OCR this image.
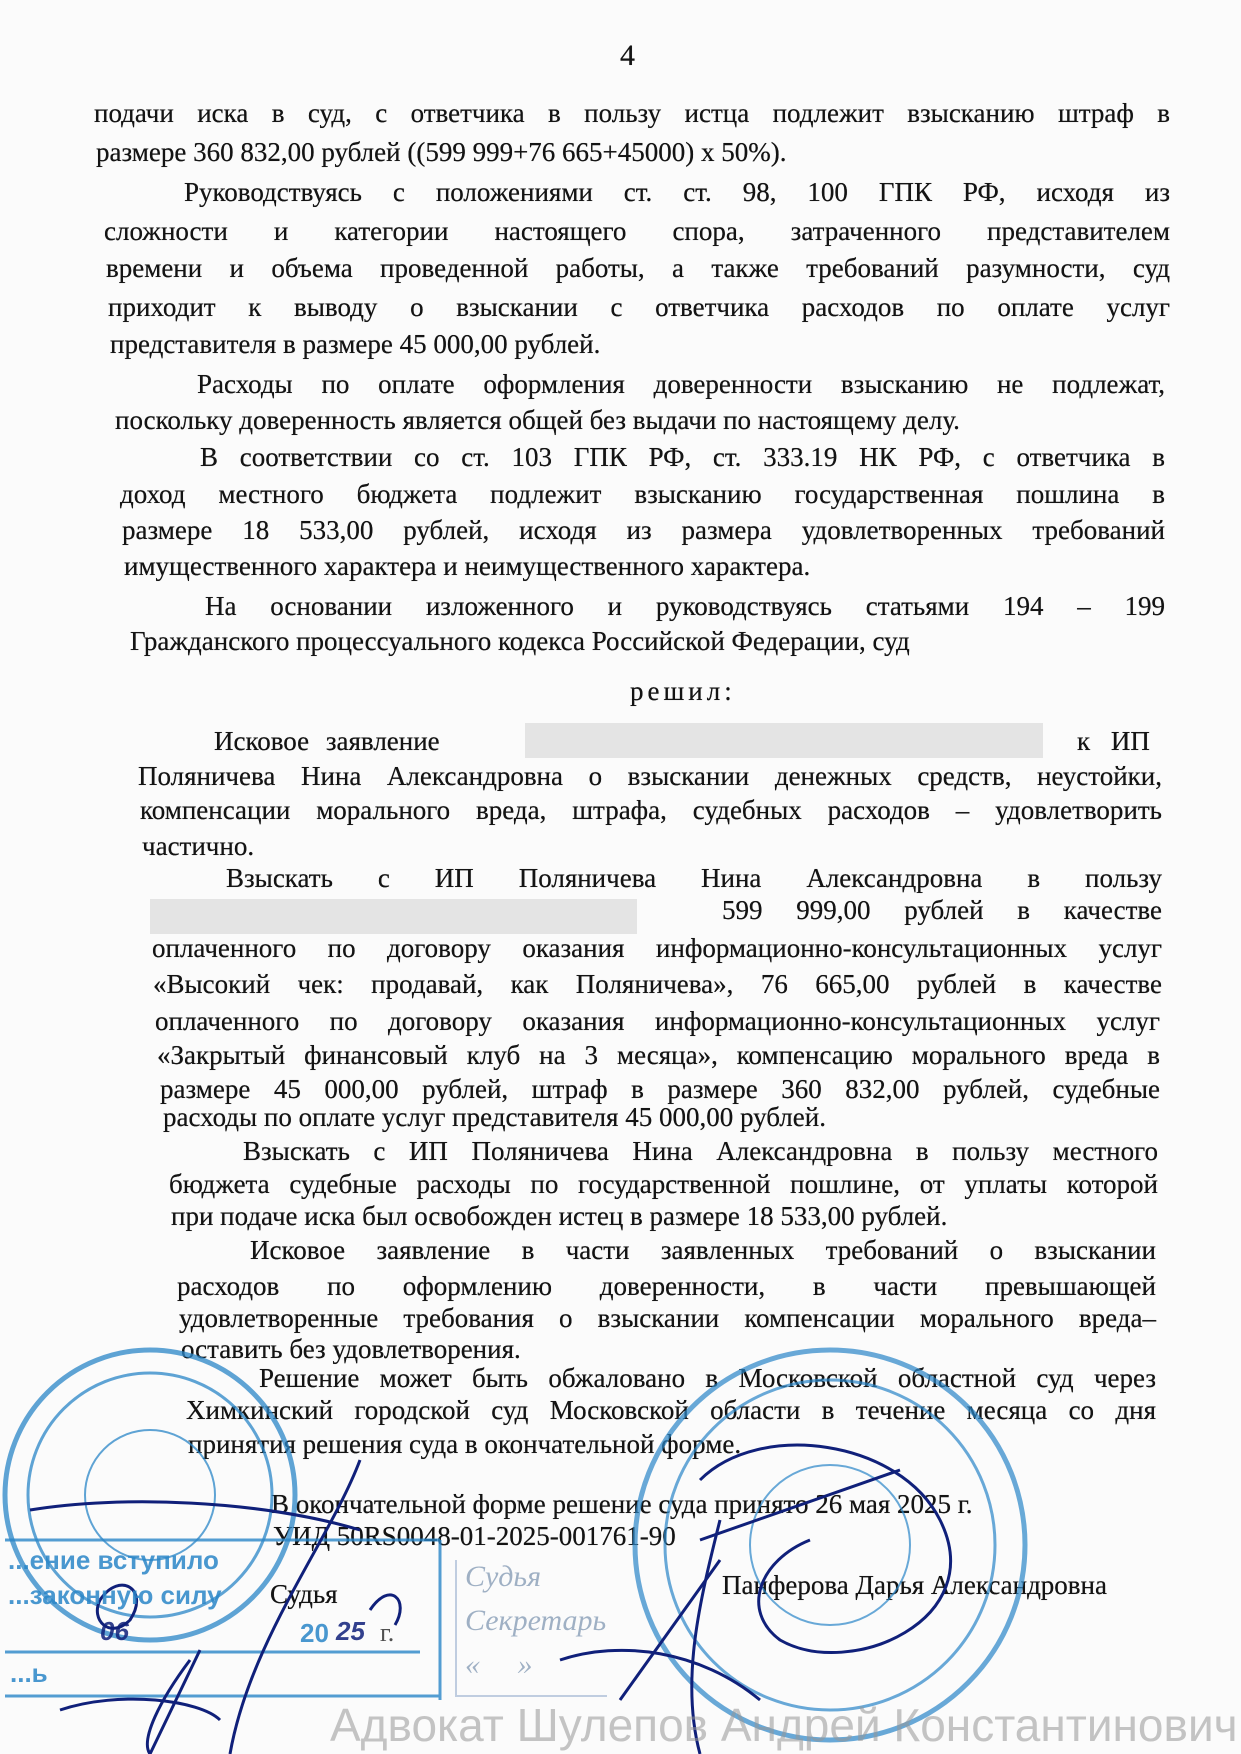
4
подачи иска в суд, с ответчика в пользу истца подлежит взысканию штраф в
размере 360 832,00 рублей ((599 999+76 665+45000) х 50%).
Руководствуясь с положениями ст. ст. 98, 100 ГПК РФ, исходя из
сложности и категории настоящего спора, затраченного представителем
времени и объема проведенной работы, а также требований разумности, суд
приходит к выводу о взыскании с ответчика расходов по оплате услуг
представителя в размере 45 000,00 рублей.
Расходы по оплате оформления доверенности взысканию не подлежат,
поскольку доверенность является общей без выдачи по настоящему делу.
В соответствии со ст. 103 ГПК РФ, ст. 333.19 НК РФ, с ответчика в
доход местного бюджета подлежит взысканию государственная пошлина в
размере 18 533,00 рублей, исходя из размера удовлетворенных требований
имущественного характера и неимущественного характера.
На основании изложенного и руководствуясь статьями 194 – 199
Гражданского процессуального кодекса Российской Федерации, суд
решил:
Исковое заявление	к ИП
Поляничева Нина Александровна о взыскании денежных средств, неустойки,
компенсации морального вреда, штрафа, судебных расходов – удовлетворить
частично.
Взыскать с ИП Поляничева Нина Александровна в пользу
599 999,00 рублей в качестве
оплаченного по договору оказания информационно-консультационных услуг
«Высокий чек: продавай, как Поляничева», 76 665,00 рублей в качестве
оплаченного по договору оказания информационно-консультационных услуг
«Закрытый финансовый клуб на 3 месяца», компенсацию морального вреда в
размере 45 000,00 рублей, штраф в размере 360 832,00 рублей, судебные
расходы по оплате услуг представителя 45 000,00 рублей.
Взыскать с ИП Поляничева Нина Александровна в пользу местного
бюджета судебные расходы по государственной пошлине, от уплаты которой
при подаче иска был освобожден истец в размере 18 533,00 рублей.
Исковое заявление в части заявленных требований о взыскании
расходов по оформлению доверенности, в части превышающей
удовлетворенные требования о взыскании компенсации морального вреда–
оставить без удовлетворения.
Решение может быть обжаловано в Московской областной суд через
Химкинский городской суд Московской области в течение месяца со дня
принятия решения суда в окончательной форме.
В окончательной форме решение суда принято 26 мая 2025 г.
УИД 50RS0048-01-2025-001761-90
Судья	Панферова Дарья Александровна
Судья
Секретарь
«     »
...ение вступило
...законную силу
06	20 25 г.
...ь
Адвокат Шулепов Андрей Константинович
